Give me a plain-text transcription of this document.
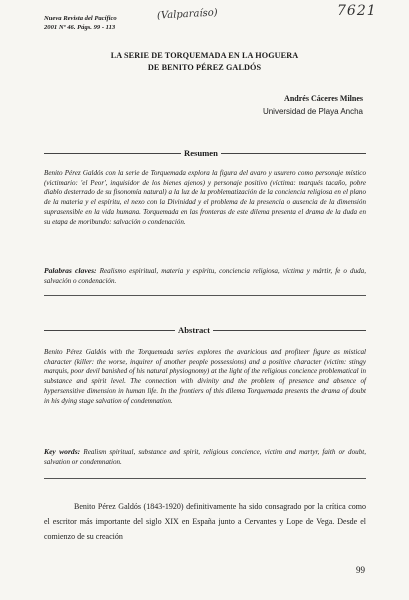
Nueva Revista del Pacífico
2001 Nº 46. Págs. 99 - 113
(Valparaíso)	7621
LA SERIE DE TORQUEMADA EN LA HOGUERA
DE BENITO PÉREZ GALDÓS
Andrés Cáceres Milnes
Universidad de Playa Ancha
Resumen

Benito Pérez Galdós con la serie de Torquemada explora la figura del avaro y usurero como personaje místico (victimario: 'el Peor', inquisidor de los bienes ajenos) y personaje positivo (víctima: marqués tacaño, pobre diablo desterrado de su fisonomía natural) a la luz de la problematización de la conciencia religiosa en el plano de la materia y el espíritu, el nexo con la Divinidad y el problema de la presencia o ausencia de la dimensión suprasensible en la vida humana. Torquemada en las fronteras de este dilema presenta el drama de la duda en su etapa de moribundo: salvación o condenación.

Palabras claves: Realismo espiritual, materia y espíritu, conciencia religiosa, víctima y mártir, fe o duda, salvación o condenación.

Abstract

Benito Pérez Galdós with the Torquemada series explores the avaricious and profiteer figure as mistical character (killer: the worse, inquirer of another people possessions) and a positive character (victim: stingy marquis, poor devil banished of his natural physiognomy) at the light of the religious concience problematical in substance and spirit level. The connection with divinity and the problem of presence and absence of hypersensitive dimension in human life. In the frontiers of this dilema Torquemada presents the drama of doubt in his dying stage salvation of condemnation.

Key words: Realism spiritual, substance and spirit, religious concience, victim and martyr, faith or doubt, salvation or condemnation.

Benito Pérez Galdós (1843-1920) definitivamente ha sido consagrado por la crítica como el escritor más importante del siglo XIX en España junto a Cervantes y Lope de Vega. Desde el comienzo de su creación

99
